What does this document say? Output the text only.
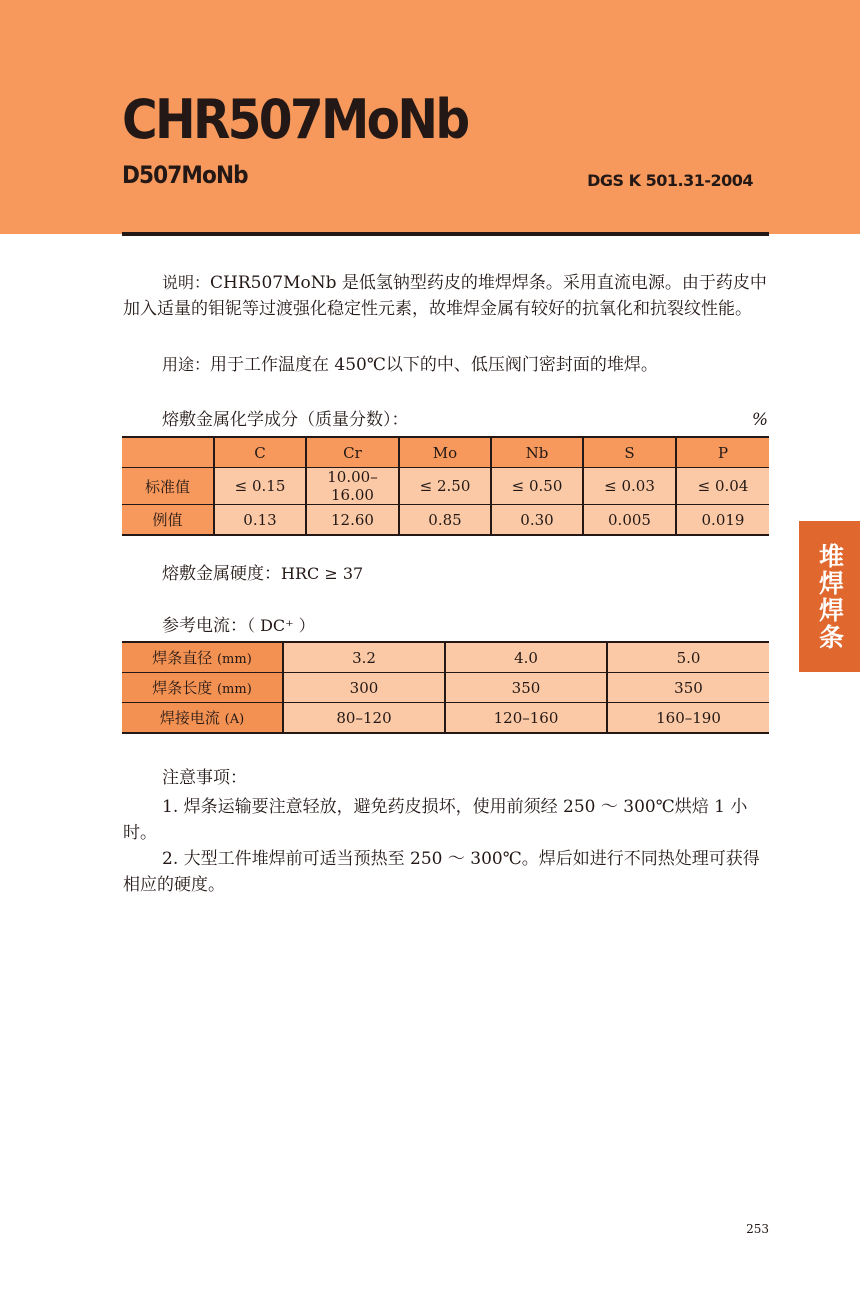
CHR507MoNb
D507MoNb	DGS K 501.31-2004

说明：CHR507MoNb 是低氢钠型药皮的堆焊焊条。采用直流电源。由于药皮中加入适量的钼铌等过渡强化稳定性元素，故堆焊金属有较好的抗氧化和抗裂纹性能。

用途：用于工作温度在 450℃以下的中、低压阀门密封面的堆焊。

熔敷金属化学成分（质量分数）：	%
	C	Cr	Mo	Nb	S	P
标准值	≤ 0.15	10.00–16.00	≤ 2.50	≤ 0.50	≤ 0.03	≤ 0.04
例值	0.13	12.60	0.85	0.30	0.005	0.019
熔敷金属硬度：HRC ≥ 37
参考电流：（ DC⁺ ）
焊条直径 (mm)	3.2	4.0	5.0
焊条长度 (mm)	300	350	350
焊接电流 (A)	80–120	120–160	160–190
注意事项：

1. 焊条运输要注意轻放，避免药皮损坏，使用前须经 250 ～ 300℃烘焙 1 小时。

2. 大型工件堆焊前可适当预热至 250 ～ 300℃。焊后如进行不同热处理可获得相应的硬度。

堆焊焊条
253
